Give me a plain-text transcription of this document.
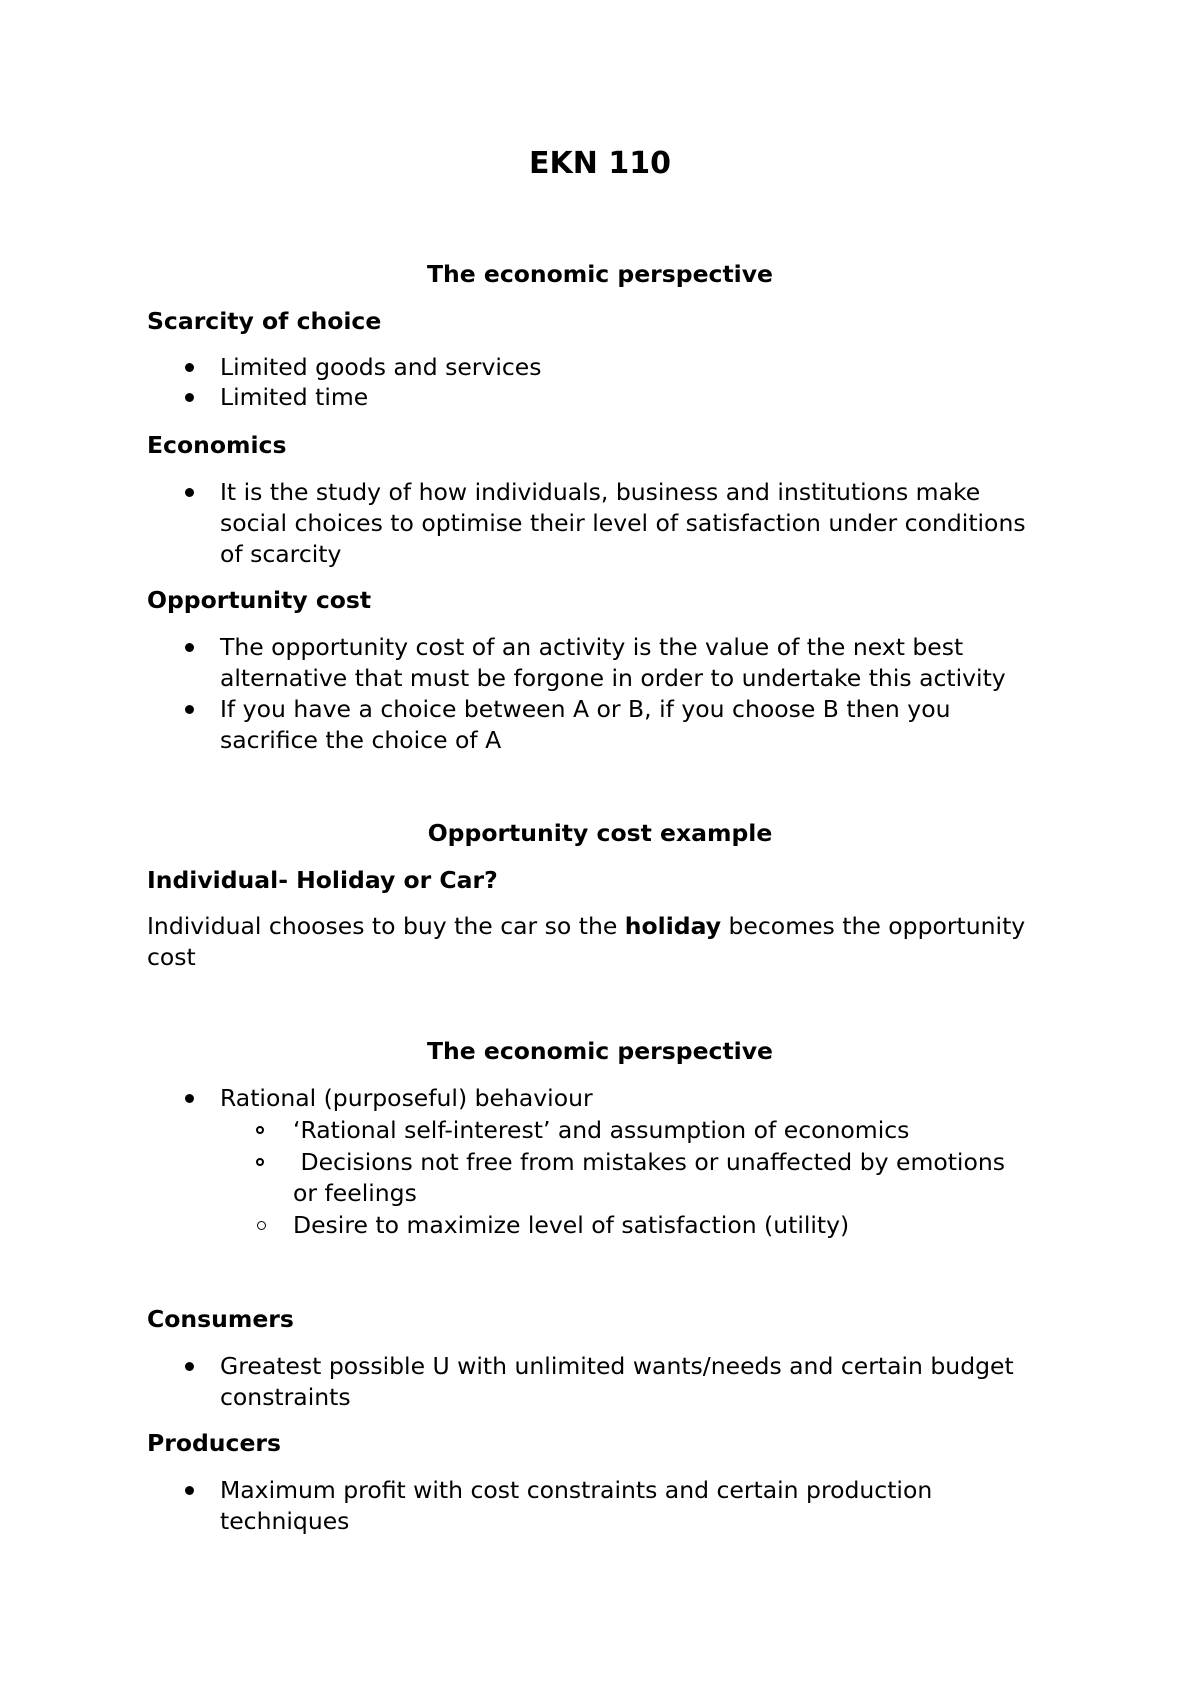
EKN 110
The economic perspective
Scarcity of choice
Limited goods and services
Limited time
Economics
It is the study of how individuals, business and institutions make
social choices to optimise their level of satisfaction under conditions
of scarcity
Opportunity cost
The opportunity cost of an activity is the value of the next best
alternative that must be forgone in order to undertake this activity
If you have a choice between A or B, if you choose B then you
sacrifice the choice of A
Opportunity cost example
Individual- Holiday or Car?
Individual chooses to buy the car so the holiday becomes the opportunity
cost
The economic perspective
Rational (purposeful) behaviour
‘Rational self-interest’ and assumption of economics
Decisions not free from mistakes or unaffected by emotions
or feelings
Desire to maximize level of satisfaction (utility)
Consumers
Greatest possible U with unlimited wants/needs and certain budget
constraints
Producers
Maximum profit with cost constraints and certain production
techniques
